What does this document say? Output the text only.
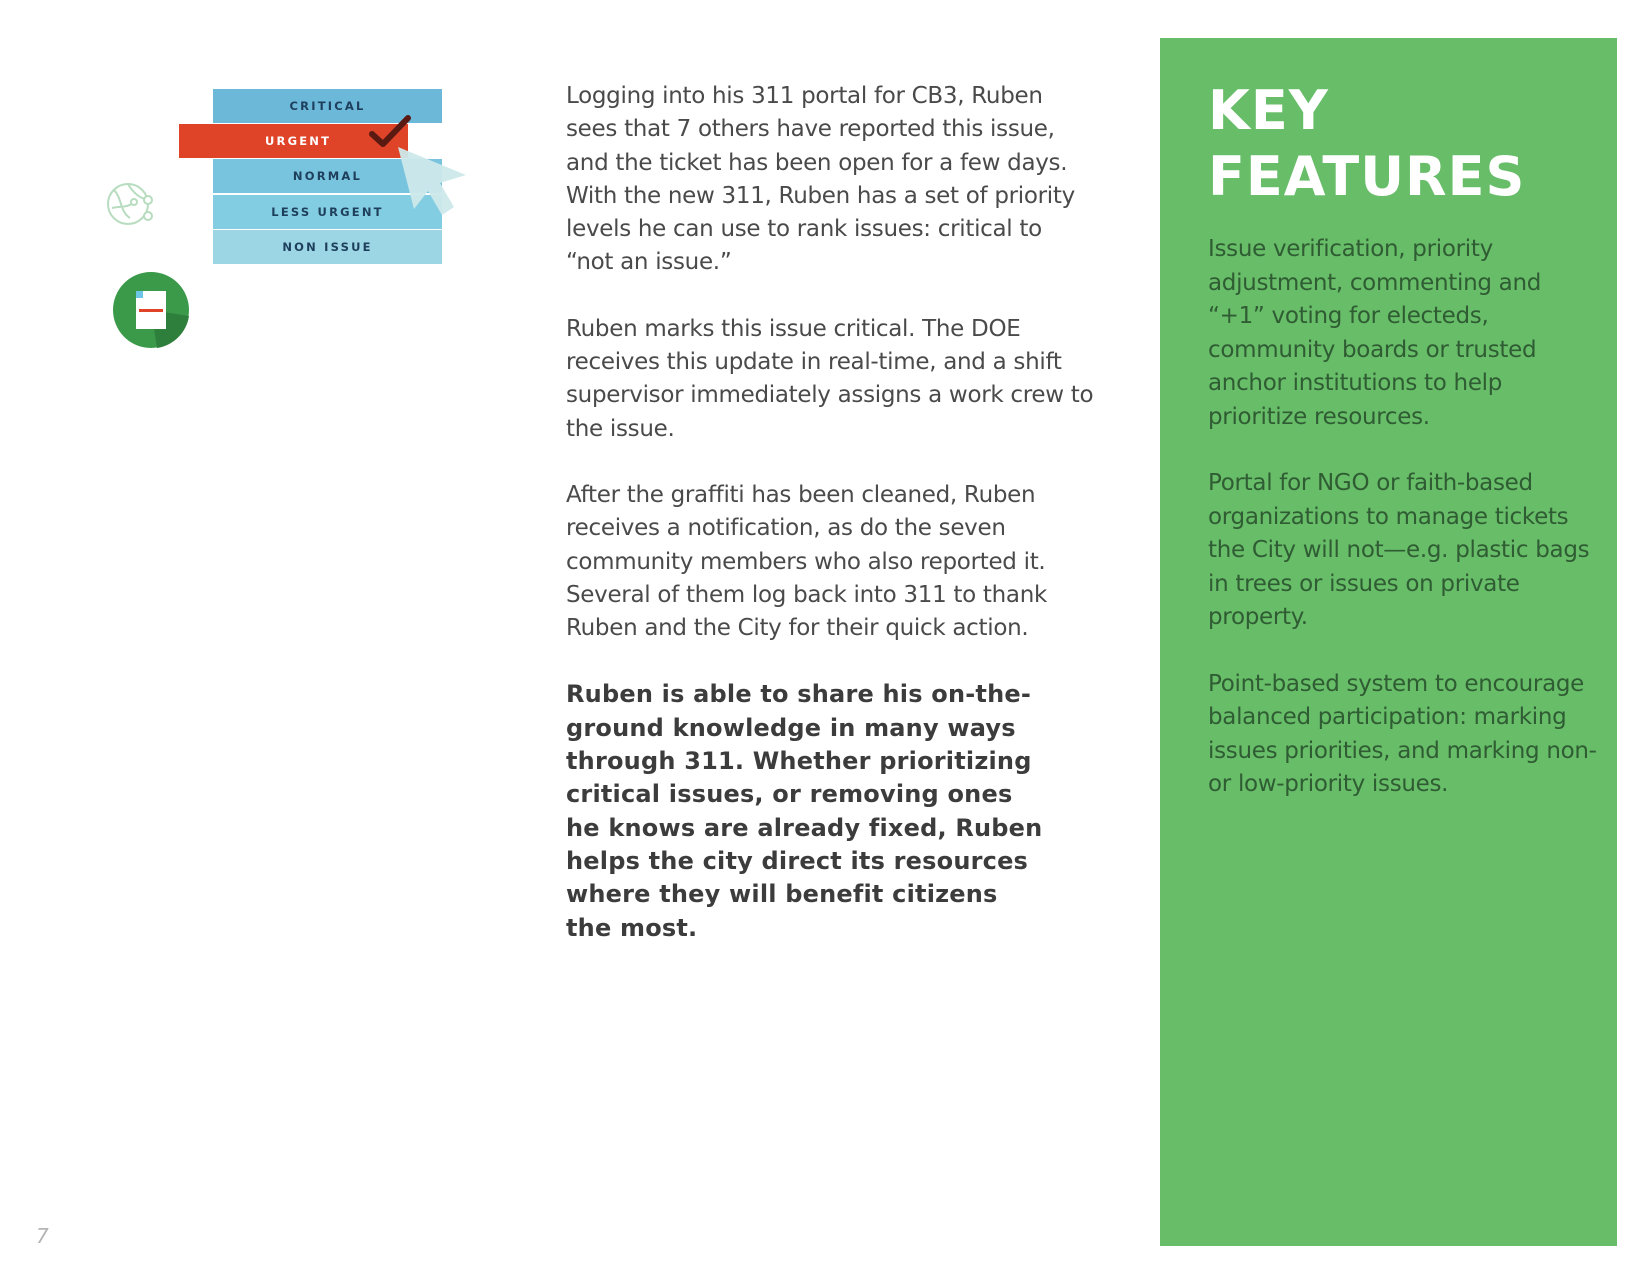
CRITICAL
NORMAL
LESS URGENT
NON ISSUE
URGENT

Logging into his 311 portal for CB3, Ruben sees that 7 others have reported this issue, and the ticket has been open for a few days. With the new 311, Ruben has a set of priority levels he can use to rank issues: critical to “not an issue.”

Ruben marks this issue critical. The DOE receives this update in real-time, and a shift supervisor immediately assigns a work crew to the issue.

After the graffiti has been cleaned, Ruben receives a notification, as do the seven community members who also reported it. Several of them log back into 311 to thank Ruben and the City for their quick action.

Ruben is able to share his on-the-ground knowledge in many ways through 311. Whether prioritizing critical issues, or removing ones he knows are already fixed, Ruben helps the city direct its resources where they will benefit citizens the most.

KEY FEATURES

Issue verification, priority adjustment, commenting and “+1” voting for electeds, community boards or trusted anchor institutions to help prioritize resources.

Portal for NGO or faith-based organizations to manage tickets the City will not—e.g. plastic bags in trees or issues on private property.

Point-based system to encourage balanced participation: marking issues priorities, and marking non- or low-priority issues.

7
